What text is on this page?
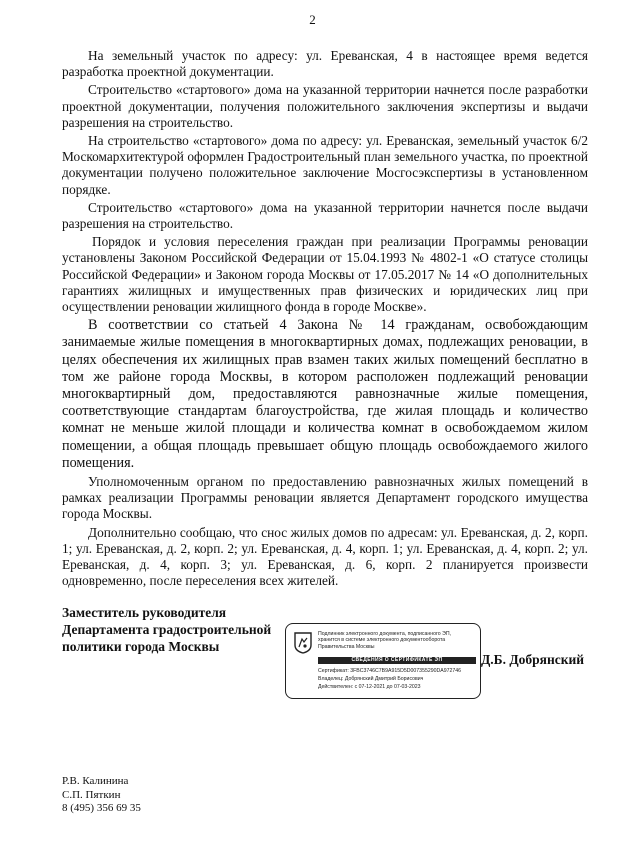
2

На земельный участок по адресу: ул. Ереванская, 4 в настоящее время ведется разработка проектной документации.

Строительство «стартового» дома на указанной территории начнется после разработки проектной документации, получения положительного заключения экспертизы и выдачи разрешения на строительство.

На строительство «стартового» дома по адресу: ул. Ереванская, земельный участок 6/2 Москомархитектурой оформлен Градостроительный план земельного участка, по проектной документации получено положительное заключение Мосгосэкспертизы в установленном порядке.

Строительство «стартового» дома на указанной территории начнется после выдачи разрешения на строительство.

Порядок и условия переселения граждан при реализации Программы реновации установлены Законом Российской Федерации от 15.04.1993 № 4802-1 «О статусе столицы Российской Федерации» и Законом города Москвы от 17.05.2017 № 14 «О дополнительных гарантиях жилищных и имущественных прав физических и юридических лиц при осуществлении реновации жилищного фонда в городе Москве».

В соответствии со статьей 4 Закона № 14 гражданам, освобождающим занимаемые жилые помещения в многоквартирных домах, подлежащих реновации, в целях обеспечения их жилищных прав взамен таких жилых помещений бесплатно в том же районе города Москвы, в котором расположен подлежащий реновации многоквартирный дом, предоставляются равнозначные жилые помещения, соответствующие стандартам благоустройства, где жилая площадь и количество комнат не меньше жилой площади и количества комнат в освобождаемом жилом помещении, а общая площадь превышает общую площадь освобождаемого жилого помещения.

Уполномоченным органом по предоставлению равнозначных жилых помещений в рамках реализации Программы реновации является Департамент городского имущества города Москвы.

Дополнительно сообщаю, что снос жилых домов по адресам: ул. Ереванская, д. 2, корп. 1; ул. Ереванская, д. 2, корп. 2; ул. Ереванская, д. 4, корп. 1; ул. Ереванская, д. 4, корп. 2; ул. Ереванская, д. 4, корп. 3; ул. Ереванская, д. 6, корп. 2 планируется произвести одновременно, после переселения всех жителей.

Заместитель руководителя
Департамента градостроительной
политики города Москвы
Подлинник электронного документа, подписанного ЭП,
хранится в системе электронного документооборота
Правительства Москвы
СВЕДЕНИЯ О СЕРТИФИКАТЕ ЭП
Сертификат: 3FBC3746C7B9A915D5D007355290DA972746
Владелец: Добрянский Дмитрий Борисович
Действителен: с 07-12-2021 до 07-03-2023
Д.Б. Добрянский
Р.В. Калинина
С.П. Пяткин
8 (495) 356 69 35
